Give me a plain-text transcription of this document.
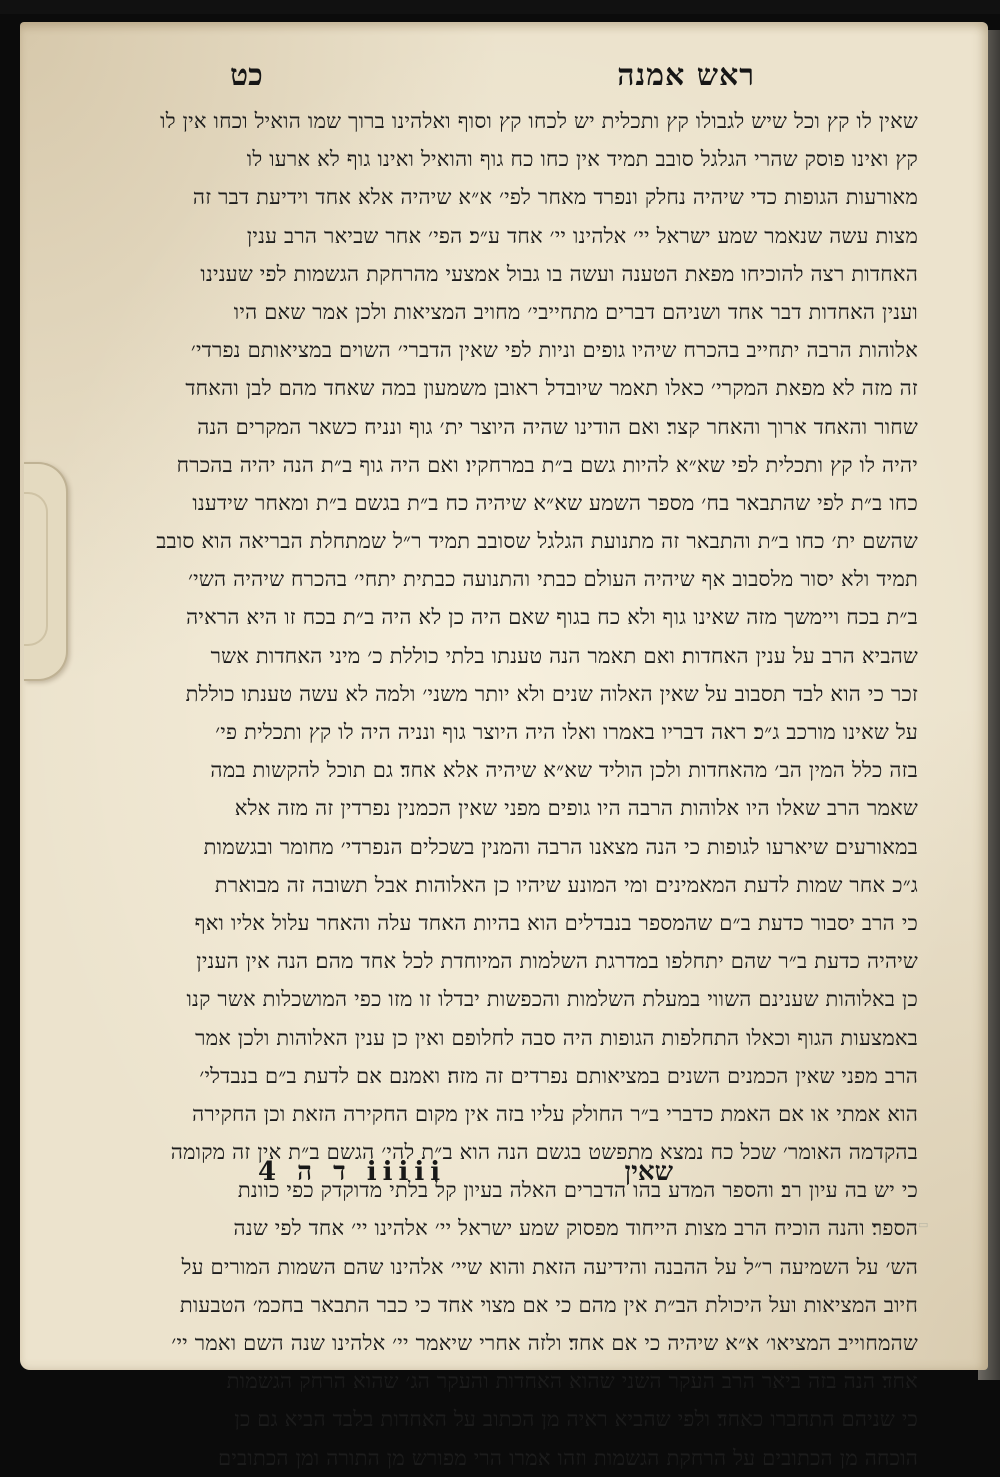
▭
ראש אמנה
כט
שאין לו קץ וכל שיש לגבולו קץ ותכלית יש לכחו קץ וסוף ואלהינו ברוך שמו הואיל וכחו אין לו
קץ ואינו פוסק שהרי הגלגל סובב תמיד אין כחו כח גוף והואיל ואינו גוף לא ארעו לו
מאורעות הגופות כדי שיהיה נחלק ונפרד מאחר לפי׳ א״א שיהיה אלא אחד וידיעת דבר זה
מצות עשה שנאמר שמע ישראל יי׳ אלהינו יי׳ אחד ע״כ׃ הפי׳ אחר שביאר הרב ענין
האחדות רצה להוכיחו מפאת הטענה ועשה בו גבול אמצעי מהרחקת הגשמות לפי שענינו
וענין האחדות דבר אחד ושניהם דברים מתחייבי׳ מחויב המציאות ולכן אמר שאם היו
אלוהות הרבה יתחייב בהכרח שיהיו גופים וניות לפי שאין הדברי׳ השוים במציאותם נפרדי׳
זה מזה לא מפאת המקרי׳ כאלו תאמר שיובדל ראובן משמעון במה שאחד מהם לבן והאחד
שחור והאחד ארוך והאחר קצר׃ ואם הודינו שהיה היוצר ית׳ גוף ונניח כשאר המקרים הנה
יהיה לו קץ ותכלית לפי שא״א להיות גשם ב״ת במרחקיו׃ ואם היה גוף ב״ת הנה יהיה בהכרח
כחו ב״ת לפי שהתבאר בח׳ מספר השמע שא״א שיהיה כח ב״ת בגשם ב״ת ומאחר שידענו
שהשם ית׳ כחו ב״ת והתבאר זה מתנועת הגלגל שסובב תמיד ר״ל שמתחלת הבריאה הוא סובב
תמיד ולא יסור מלסבוב אף שיהיה העולם כבתי והתנועה כבתית יתחי׳ בהכרח שיהיה השי׳
ב״ת בכח ויימשך מזה שאינו גוף ולא כח בגוף שאם היה כן לא היה ב״ת בכח זו היא הראיה
שהביא הרב על ענין האחדות׃ ואם תאמר הנה טענתו בלתי כוללת כ׳ מיני האחדות אשר
זכר כי הוא לבד תסבוב על שאין האלוה שנים ולא יותר משני׳ ולמה לא עשה טענתו כוללת
על שאינו מורכב ג״כ׃ ראה דבריו באמרו ואלו היה היוצר גוף ונניה היה לו קץ ותכלית פי׳
בזה כלל המין הב׳ מהאחדות ולכן הוליד שא״א שיהיה אלא אחד׃ גם תוכל להקשות במה
שאמר הרב שאלו היו אלוהות הרבה היו גופים מפני שאין הכמנין נפרדין זה מזה אלא
במאורעים שיארעו לגופות כי הנה מצאנו הרבה והמנין בשכלים הנפרדי׳ מחומר ובגשמות
ג״כ אחר שמות לדעת המאמינים ומי המונע שיהיו כן האלוהות׃ אבל תשובה זה מבוארת
כי הרב יסבור כדעת ב״ם שהמספר בנבדלים הוא בהיות האחד עלה והאחר עלול אליו ואף
שיהיה כדעת ב״ר שהם יתחלפו במדרגת השלמות המיוחדת לכל אחד מהם׃ הנה אין הענין
כן באלוהות שענינם השווי במעלת השלמות והכפשות יבדלו זו מזו כפי המושכלות אשר קנו
באמצעות הגוף וכאלו התחלפות הגופות היה סבה לחלופם ואין כן ענין האלוהות ולכן אמר
הרב מפני שאין הכמנים השנים במציאותם נפרדים זה מזה׃ ואמנם אם לדעת ב״ם בנבדלי׳
הוא אמתי או אם האמת כדברי ב״ר החולק עליו בזה אין מקום החקירה הזאת וכן החקירה
בהקדמה האומר׳ שכל כח נמצא מתפשט בגשם הנה הוא ב״ת להי׳ הגשם ב״ת אין זה מקומה
כי יש בה עיון רב׃ והספר המדע בהו הדברים האלה בעיון קל בלתי מדוקדק כפי כוונת
הספר׃ והנה הוכיח הרב מצות הייחוד מפסוק שמע ישראל יי׳ אלהינו יי׳ אחד לפי שנה
הש׳ על השמיעה ר״ל על ההבנה והידיעה הזאת והוא שיי׳ אלהינו שהם השמות המורים על
חיוב המציאות ועל היכולת הב״ת אין מהם כי אם מצוי אחד כי כבר התבאר בחכמ׳ הטבעות
שהמחוייב המציאו׳ א״א שיהיה כי אם אחד׃ ולזה אחרי שיאמר יי׳ אלהינו שנה השם ואמר יי׳
אחד׃ הנה בזה ביאר הרב העקר השני שהוא האחדות והעקר הג׳ שהוא הרחק הגשמות
כי שניהם התחברו כאחד׃ ולפי שהביא ראיה מן הכתוב על האחדות בלבד הביא גם כן
הוכחה מן הכתובים על הרחקת הגשמות וזהו אמרו הרי מפורש מן התורה ומן הכתובים
שאין
ד ה 4 iiiii
